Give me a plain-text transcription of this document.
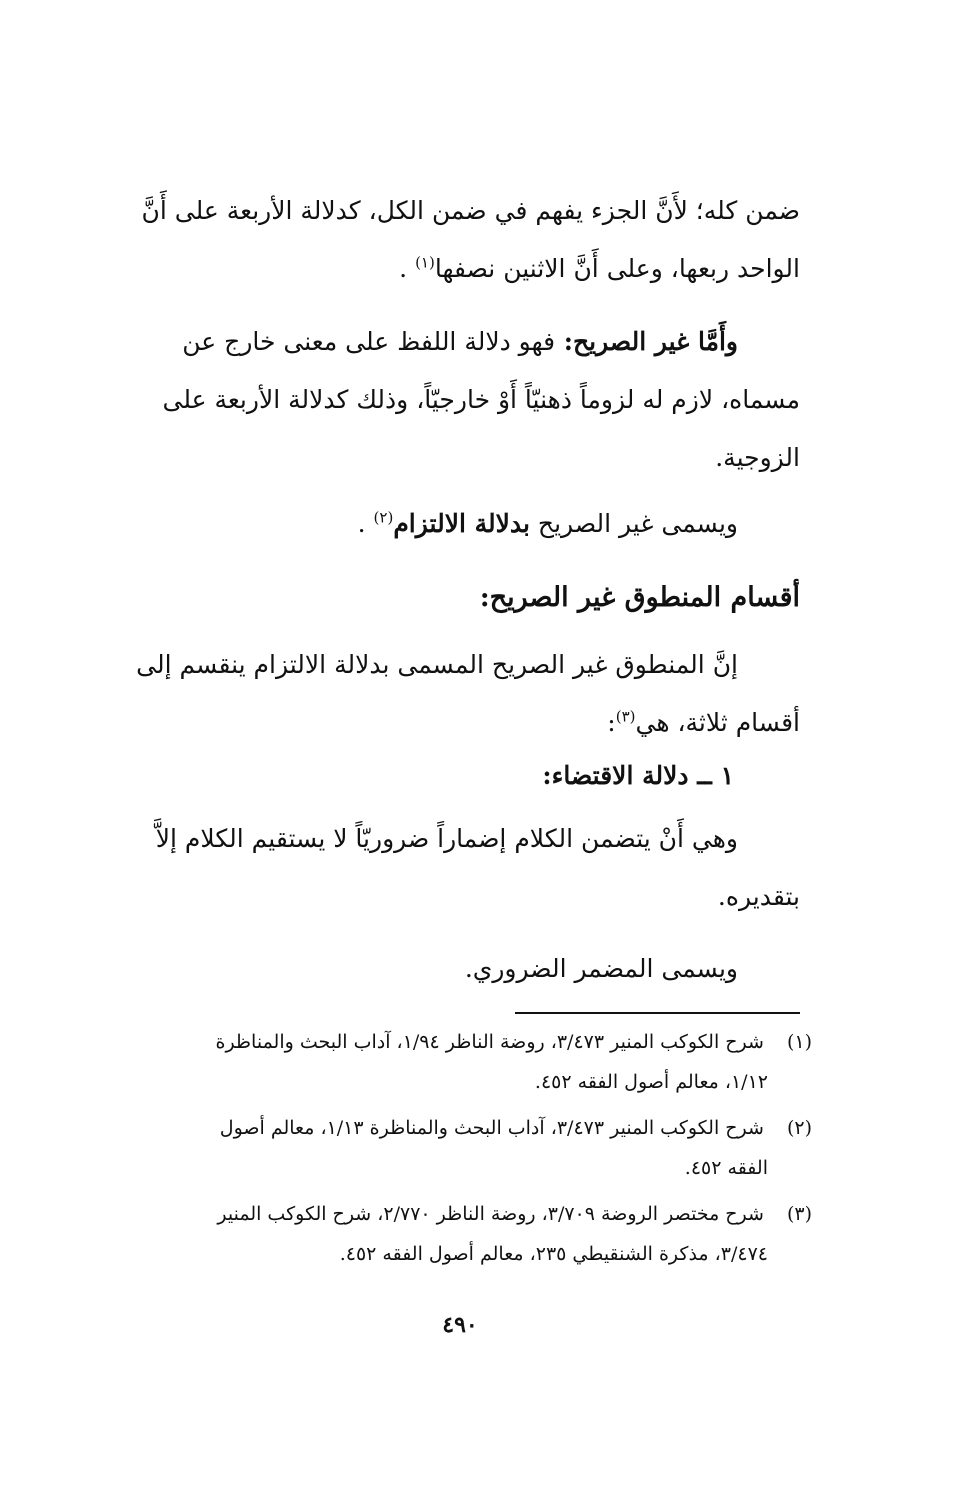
ضمن كله؛ لأَنَّ الجزء يفهم في ضمن الكل، كدلالة الأربعة على أَنَّ
الواحد ربعها، وعلى أَنَّ الاثنين نصفها$^{(١)}$ .
وأَمَّا غير الصريح: فهو دلالة اللفظ على معنى خارج عن
مسماه، لازم له لزوماً ذهنيّاً أَوْ خارجيّاً، وذلك كدلالة الأربعة على
الزوجية.
ويسمى غير الصريح بدلالة الالتزام$^{(٢)}$ .
أقسام المنطوق غير الصريح:
إنَّ المنطوق غير الصريح المسمى بدلالة الالتزام ينقسم إلى
أقسام ثلاثة، هي$^{(٣)}$:
١ ــ دلالة الاقتضاء:
وهي أَنْ يتضمن الكلام إضماراً ضروريّاً لا يستقيم الكلام إلاَّ
بتقديره.
ويسمى المضمر الضروري.
(١) شرح الكوكب المنير ٣/٤٧٣، روضة الناظر ١/٩٤، آداب البحث والمناظرة
١/١٢، معالم أصول الفقه ٤٥٢.
(٢) شرح الكوكب المنير ٣/٤٧٣، آداب البحث والمناظرة ١/١٣، معالم أصول
الفقه ٤٥٢.
(٣) شرح مختصر الروضة ٣/٧٠٩، روضة الناظر ٢/٧٧٠، شرح الكوكب المنير
٣/٤٧٤، مذكرة الشنقيطي ٢٣٥، معالم أصول الفقه ٤٥٢.
٤٩٠
